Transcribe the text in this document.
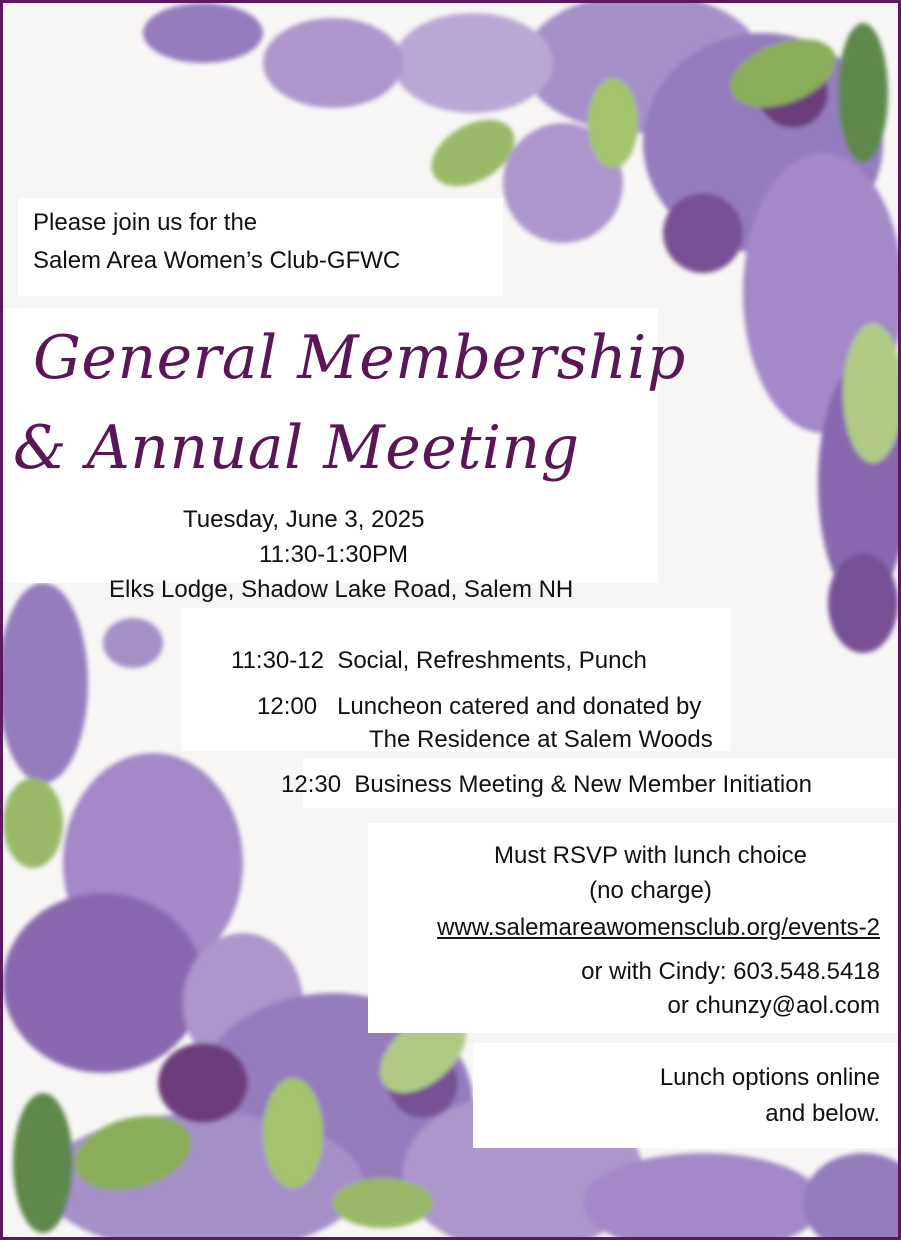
Please join us for the
Salem Area Women’s Club-GFWC
General Membership
& Annual Meeting
Tuesday, June 3, 2025
11:30-1:30PM
Elks Lodge, Shadow Lake Road, Salem NH
11:30-12 Social, Refreshments, Punch
12:00 Luncheon catered and donated by
The Residence at Salem Woods
12:30 Business Meeting & New Member Initiation
Must RSVP with lunch choice
(no charge)
www.salemareawomensclub.org/events-2
or with Cindy: 603.548.5418
or chunzy@aol.com
Lunch options online
and below.
